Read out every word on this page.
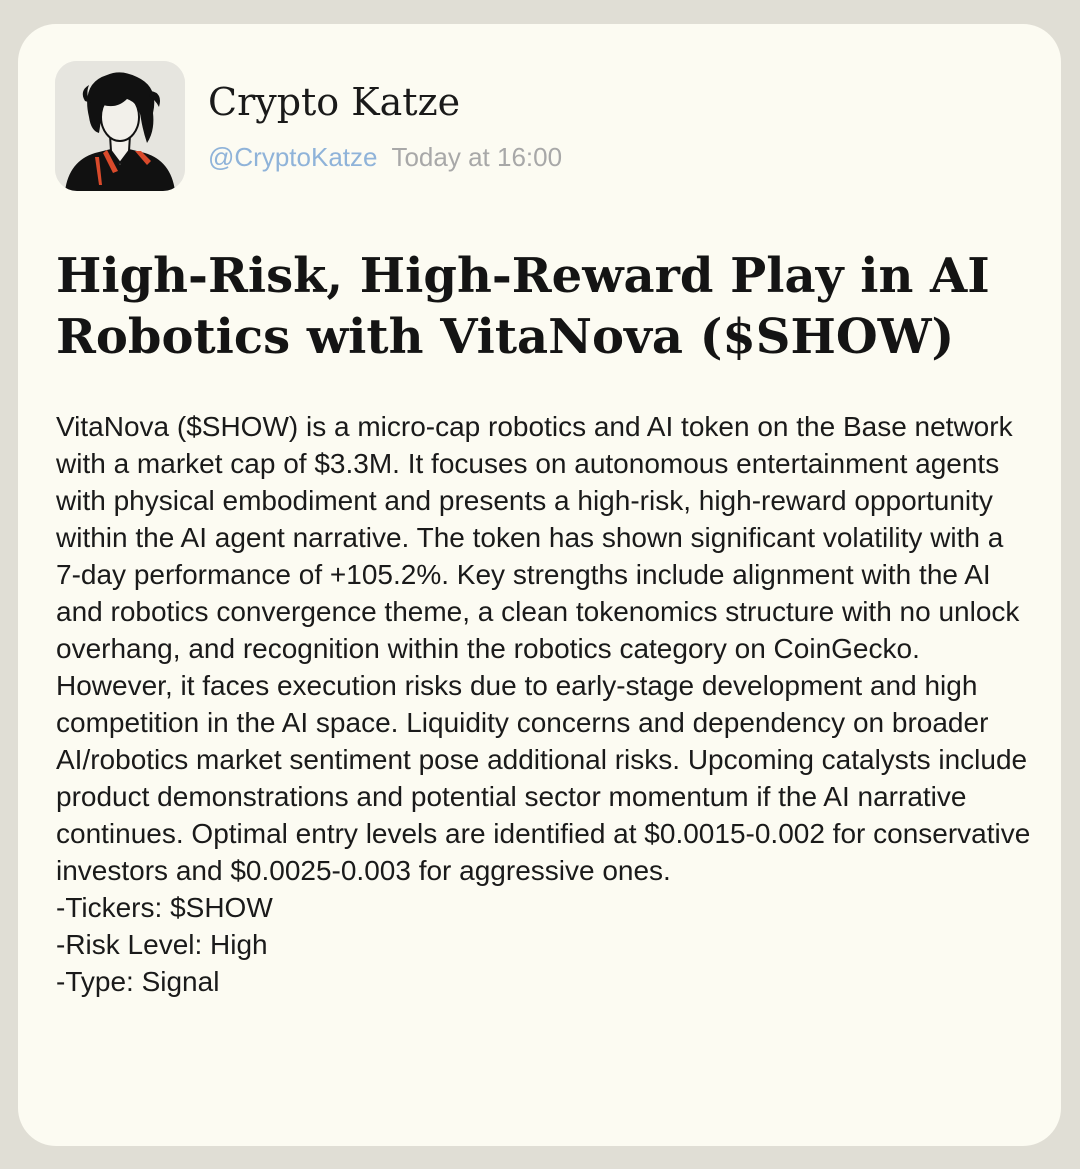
Crypto Katze
@CryptoKatze Today at 16:00
High-Risk, High-Reward Play in AI Robotics with VitaNova ($SHOW)

VitaNova ($SHOW) is a micro-cap robotics and AI token on the Base network with a market cap of $3.3M. It focuses on autonomous entertainment agents with physical embodiment and presents a high-risk, high-reward opportunity within the AI agent narrative. The token has shown significant volatility with a 7-day performance of +105.2%. Key strengths include alignment with the AI and robotics convergence theme, a clean tokenomics structure with no unlock overhang, and recognition within the robotics category on CoinGecko. However, it faces execution risks due to early-stage development and high competition in the AI space. Liquidity concerns and dependency on broader AI/robotics market sentiment pose additional risks. Upcoming catalysts include product demonstrations and potential sector momentum if the AI narrative continues. Optimal entry levels are identified at $0.0015-0.002 for conservative investors and $0.0025-0.003 for aggressive ones.

-Tickers: $SHOW
-Risk Level: High
-Type: Signal
